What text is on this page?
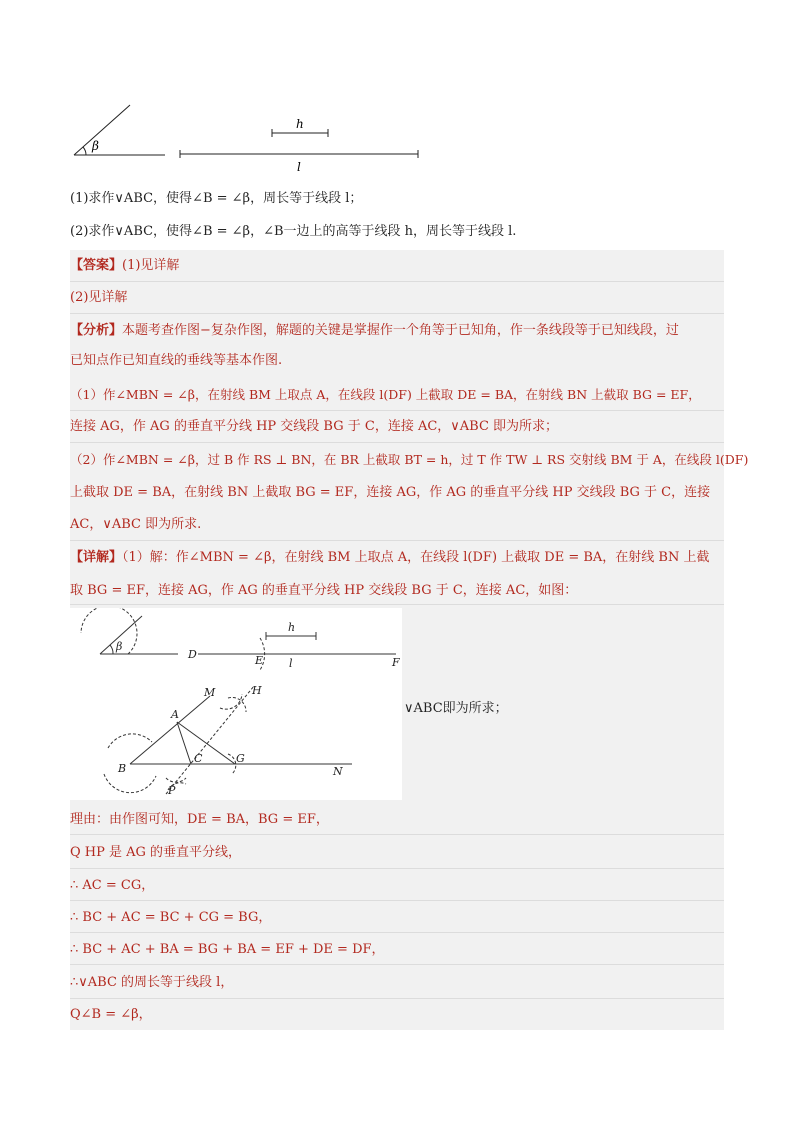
β
h
l
(1)求作∨ABC，使得∠B = ∠β，周长等于线段 l；
(2)求作∨ABC，使得∠B = ∠β，∠B一边上的高等于线段 h，周长等于线段 l.
【答案】(1)见详解
(2)见详解
【分析】本题考查作图−复杂作图，解题的关键是掌握作一个角等于已知角，作一条线段等于已知线段，过
已知点作已知直线的垂线等基本作图.
（1）作∠MBN = ∠β，在射线 BM 上取点 A，在线段 l(DF) 上截取 DE = BA，在射线 BN 上截取 BG = EF，
连接 AG，作 AG 的垂直平分线 HP 交线段 BG 于 C，连接 AC，∨ABC 即为所求；
（2）作∠MBN = ∠β，过 B 作 RS ⊥ BN，在 BR 上截取 BT = h，过 T 作 TW ⊥ RS 交射线 BM 于 A，在线段 l(DF)
上截取 DE = BA，在射线 BN 上截取 BG = EF，连接 AG，作 AG 的垂直平分线 HP 交线段 BG 于 C，连接
AC，∨ABC 即为所求.
【详解】（1）解：作∠MBN = ∠β，在射线 BM 上取点 A，在线段 l(DF) 上截取 DE = BA，在射线 BN 上截
取 BG = EF，连接 AG，作 AG 的垂直平分线 HP 交线段 BG 于 C，连接 AC，如图：
β
D	E	F
h
l
M	H
A
B
C	G
N
P
∨ABC即为所求；
理由：由作图可知，DE = BA，BG = EF，
Q HP 是 AG 的垂直平分线，
∴ AC = CG，
∴ BC + AC = BC + CG = BG，
∴ BC + AC + BA = BG + BA = EF + DE = DF，
∴∨ABC 的周长等于线段 l，
Q∠B = ∠β，
